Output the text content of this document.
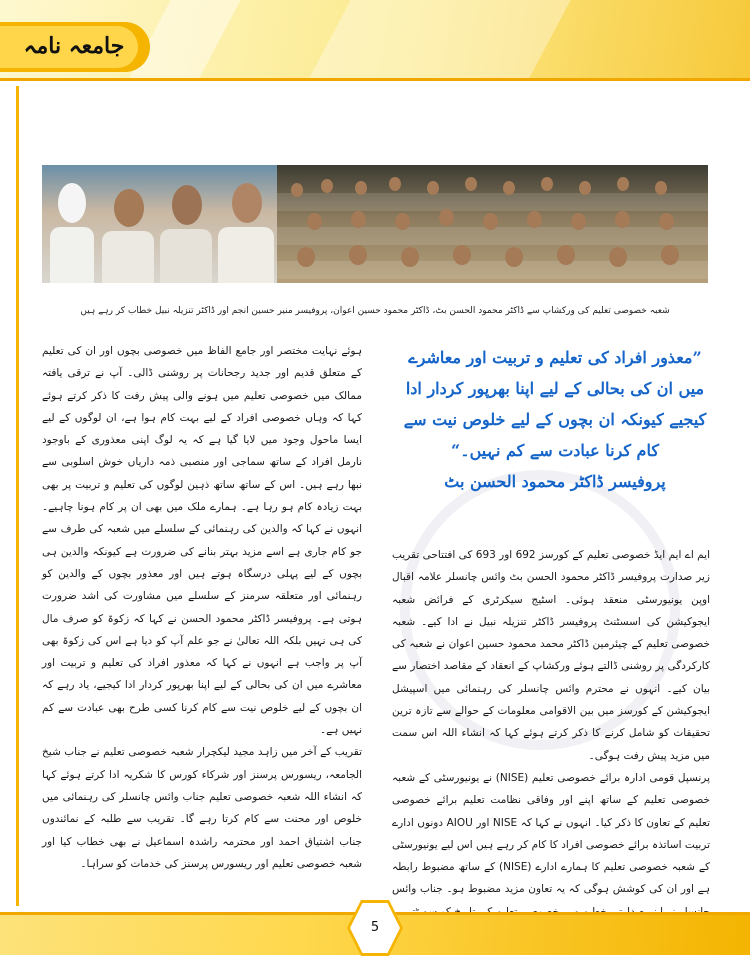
جامعہ نامہ
شعبہ خصوصی تعلیم کی ورکشاپ سے ڈاکٹر محمود الحسن بٹ، ڈاکٹر محمود حسین اعوان، پروفیسر منیر حسین انجم اور ڈاکٹر تنزیلہ نبیل خطاب کر رہے ہیں
”معذور افراد کی تعلیم و تربیت اور معاشرے میں ان کی بحالی کے لیے اپنا بھرپور کردار ادا کیجیے کیونکہ ان بچوں کے لیے خلوص نیت سے کام کرنا عبادت سے کم نہیں۔“
پروفیسر ڈاکٹر محمود الحسن بٹ

ایم اے ایم ایڈ خصوصی تعلیم کے کورسز 692 اور 693 کی افتتاحی تقریب زیر صدارت پروفیسر ڈاکٹر محمود الحسن بٹ وائس چانسلر علامہ اقبال اوپن یونیورسٹی منعقد ہوئی۔ اسٹیج سیکرٹری کے فرائض شعبہ ایجوکیشن کی اسسٹنٹ پروفیسر ڈاکٹر تنزیلہ نبیل نے ادا کیے۔ شعبہ خصوصی تعلیم کے چیئرمین ڈاکٹر محمد محمود حسین اعوان نے شعبہ کی کارکردگی پر روشنی ڈالتے ہوئے ورکشاپ کے انعقاد کے مقاصد اختصار سے بیان کیے۔ انہوں نے محترم وائس چانسلر کی رہنمائی میں اسپیشل ایجوکیشن کے کورسز میں بین الاقوامی معلومات کے حوالے سے تازہ ترین تحقیقات کو شامل کرنے کا ذکر کرتے ہوئے کہا کہ انشاء اللہ اس سمت میں مزید پیش رفت ہوگی۔

پرنسپل قومی ادارہ برائے خصوصی تعلیم (NISE) نے یونیورسٹی کے شعبہ خصوصی تعلیم کے ساتھ اپنے اور وفاقی نظامت تعلیم برائے خصوصی تعلیم کے تعاون کا ذکر کیا۔ انہوں نے کہا کہ NISE اور AIOU دونوں ادارے تربیت اساتذہ برائے خصوصی افراد کا کام کر رہے ہیں اس لیے یونیورسٹی کے شعبہ خصوصی تعلیم کا ہمارے ادارے (NISE) کے ساتھ مضبوط رابطہ ہے اور ان کی کوشش ہوگی کہ یہ تعاون مزید مضبوط ہو۔ جناب وائس

ہوئے نہایت مختصر اور جامع الفاظ میں خصوصی بچوں اور ان کی تعلیم کے متعلق قدیم اور جدید رجحانات پر روشنی ڈالی۔ آپ نے ترقی یافتہ ممالک میں خصوصی تعلیم میں ہونے والی پیش رفت کا ذکر کرتے ہوئے کہا کہ وہاں خصوصی افراد کے لیے بہت کام ہوا ہے، ان لوگوں کے لیے ایسا ماحول وجود میں لایا گیا ہے کہ یہ لوگ اپنی معذوری کے باوجود نارمل افراد کے ساتھ سماجی اور منصبی ذمہ داریاں خوش اسلوبی سے نبھا رہے ہیں۔ اس کے ساتھ ساتھ ذہین لوگوں کی تعلیم و تربیت پر بھی بہت زیادہ کام ہو رہا ہے۔ ہمارے ملک میں بھی ان پر کام ہونا چاہیے۔ انہوں نے کہا کہ والدین کی رہنمائی کے سلسلے میں شعبہ کی طرف سے جو کام جاری ہے اسے مزید بہتر بنانے کی ضرورت ہے کیونکہ والدین ہی بچوں کے لیے پہلی درسگاہ ہوتے ہیں اور معذور بچوں کے والدین کو رہنمائی اور متعلقہ سرمنز کے سلسلے میں مشاورت کی اشد ضرورت ہوتی ہے۔ پروفیسر ڈاکٹر محمود الحسن نے کہا کہ زکوۃ کو صرف مال کی ہی نہیں بلکہ اللہ تعالیٰ نے جو علم آپ کو دیا ہے اس کی زکوۃ بھی آپ پر واجب ہے انہوں نے کہا کہ معذور افراد کی تعلیم و تربیت اور معاشرے میں ان کی بحالی کے لیے اپنا بھرپور کردار ادا کیجیے، یاد رہے کہ ان بچوں کے لیے خلوص نیت سے کام کرنا کسی طرح بھی عبادت سے کم نہیں ہے۔

تقریب کے آخر میں زاہد مجید لیکچرار شعبہ خصوصی تعلیم نے جناب شیخ الجامعہ، ریسورس پرسنز اور شرکاء کورس کا شکریہ ادا کرتے ہوئے کہا کہ انشاء اللہ شعبہ خصوصی تعلیم جناب وائس چانسلر کی رہنمائی میں خلوص اور محنت سے کام کرتا رہے گا۔ تقریب سے طلبہ کے نمائندوں جناب اشتیاق احمد اور محترمہ راشدہ اسماعیل نے بھی خطاب کیا اور شعبہ خصوصی تعلیم اور ریسورس پرسنز کی خدمات کو سراہا۔

5
